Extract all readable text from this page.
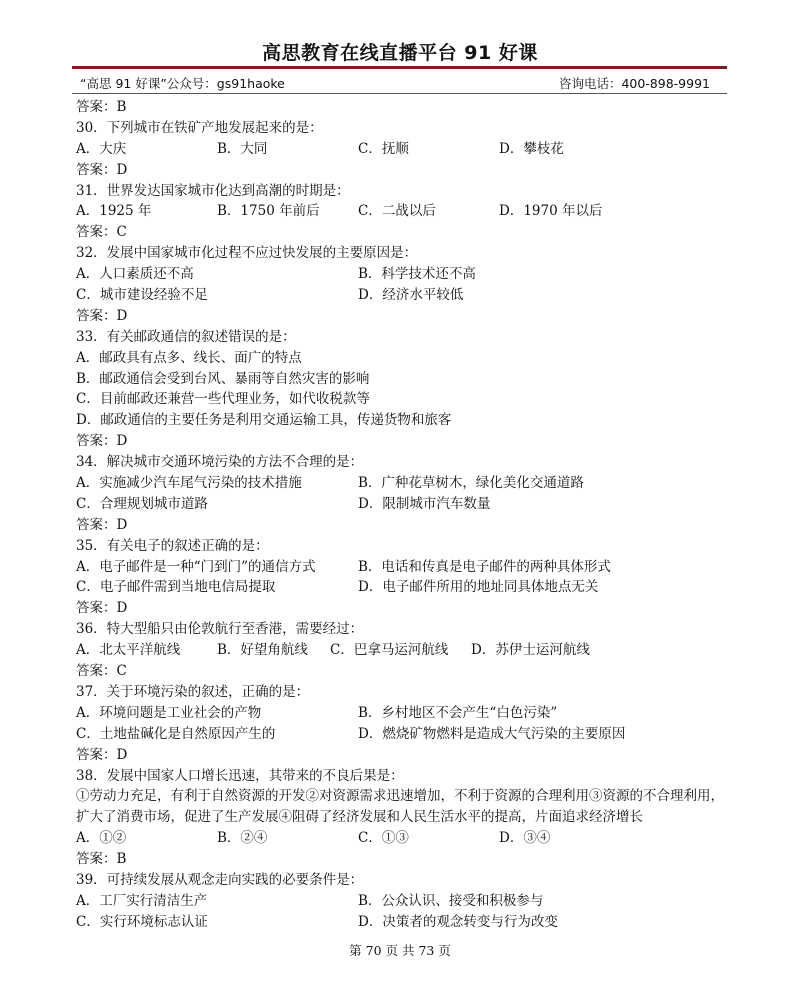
高思教育在线直播平台 91 好课
“高思 91 好课”公众号：gs91haoke	咨询电话：400-898-9991
答案：B
30．下列城市在铁矿产地发展起来的是：
A．大庆	B．大同	C．抚顺	D．攀枝花
答案：D
31．世界发达国家城市化达到高潮的时期是：
A．1925 年	B．1750 年前后	C．二战以后	D．1970 年以后
答案：C
32．发展中国家城市化过程不应过快发展的主要原因是：
A．人口素质还不高	B．科学技术还不高
C．城市建设经验不足	D．经济水平较低
答案：D
33．有关邮政通信的叙述错误的是：
A．邮政具有点多、线长、面广的特点
B．邮政通信会受到台风、暴雨等自然灾害的影响
C．目前邮政还兼营一些代理业务，如代收税款等
D．邮政通信的主要任务是利用交通运输工具，传递货物和旅客
答案：D
34．解决城市交通环境污染的方法不合理的是：
A．实施减少汽车尾气污染的技术措施	B．广种花草树木，绿化美化交通道路
C．合理规划城市道路	D．限制城市汽车数量
答案：D
35．有关电子的叙述正确的是：
A．电子邮件是一种“门到门”的通信方式	B．电话和传真是电子邮件的两种具体形式
C．电子邮件需到当地电信局提取	D．电子邮件所用的地址同具体地点无关
答案：D
36．特大型船只由伦敦航行至香港，需要经过：
A．北太平洋航线	B．好望角航线	C．巴拿马运河航线	D．苏伊士运河航线
答案：C
37．关于环境污染的叙述，正确的是：
A．环境问题是工业社会的产物	B．乡村地区不会产生“白色污染”
C．土地盐碱化是自然原因产生的	D．燃烧矿物燃料是造成大气污染的主要原因
答案：D
38．发展中国家人口增长迅速，其带来的不良后果是：
①劳动力充足，有利于自然资源的开发②对资源需求迅速增加，不利于资源的合理利用③资源的不合理利用，扩大了消费市场，促进了生产发展④阻碍了经济发展和人民生活水平的提高，片面追求经济增长
A．①②	B．②④	C．①③	D．③④
答案：B
39．可持续发展从观念走向实践的必要条件是：
A．工厂实行清洁生产	B．公众认识、接受和积极参与
C．实行环境标志认证	D．决策者的观念转变与行为改变
第 70 页 共 73 页
